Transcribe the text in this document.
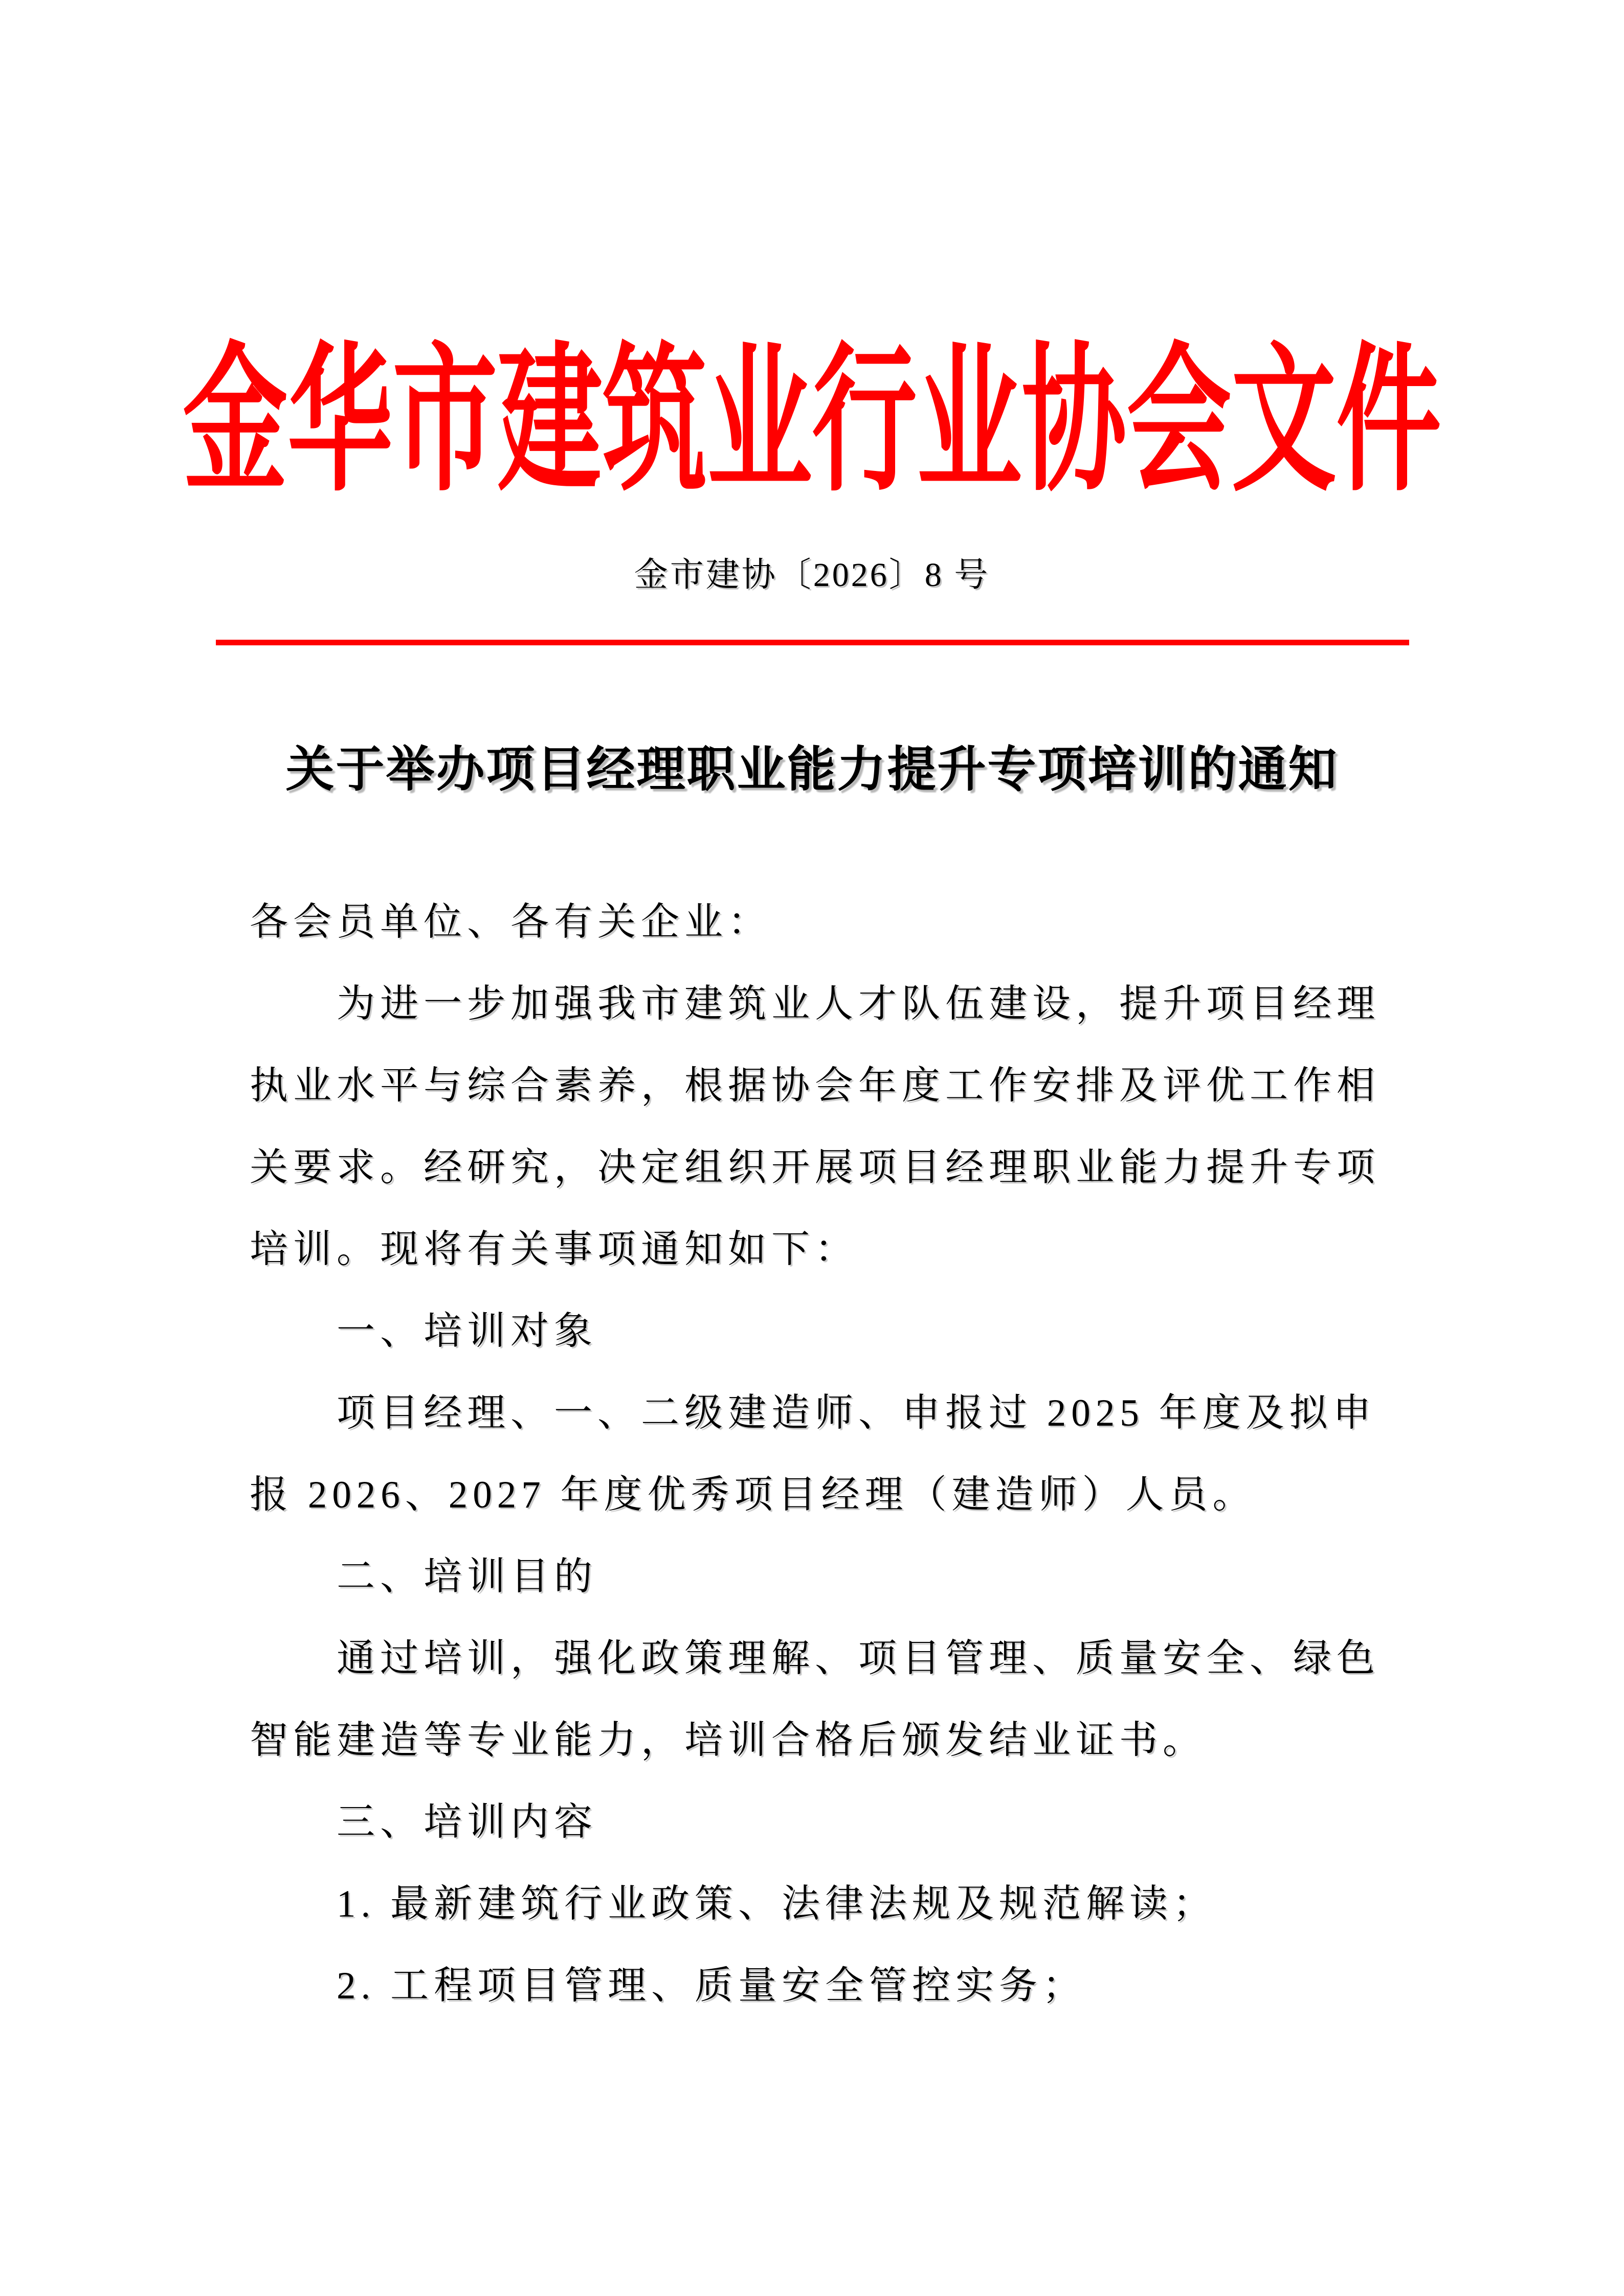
金华市建筑业行业协会文件
金市建协〔2026〕8 号
关于举办项目经理职业能力提升专项培训的通知
各会员单位、各有关企业：
为进一步加强我市建筑业人才队伍建设，提升项目经理
执业水平与综合素养，根据协会年度工作安排及评优工作相
关要求。经研究，决定组织开展项目经理职业能力提升专项
培训。现将有关事项通知如下：
一、培训对象
项目经理、一、二级建造师、申报过 2025 年度及拟申
报 2026、2027 年度优秀项目经理（建造师）人员。
二、培训目的
通过培训，强化政策理解、项目管理、质量安全、绿色
智能建造等专业能力，培训合格后颁发结业证书。
三、培训内容
1. 最新建筑行业政策、法律法规及规范解读；
2. 工程项目管理、质量安全管控实务；
